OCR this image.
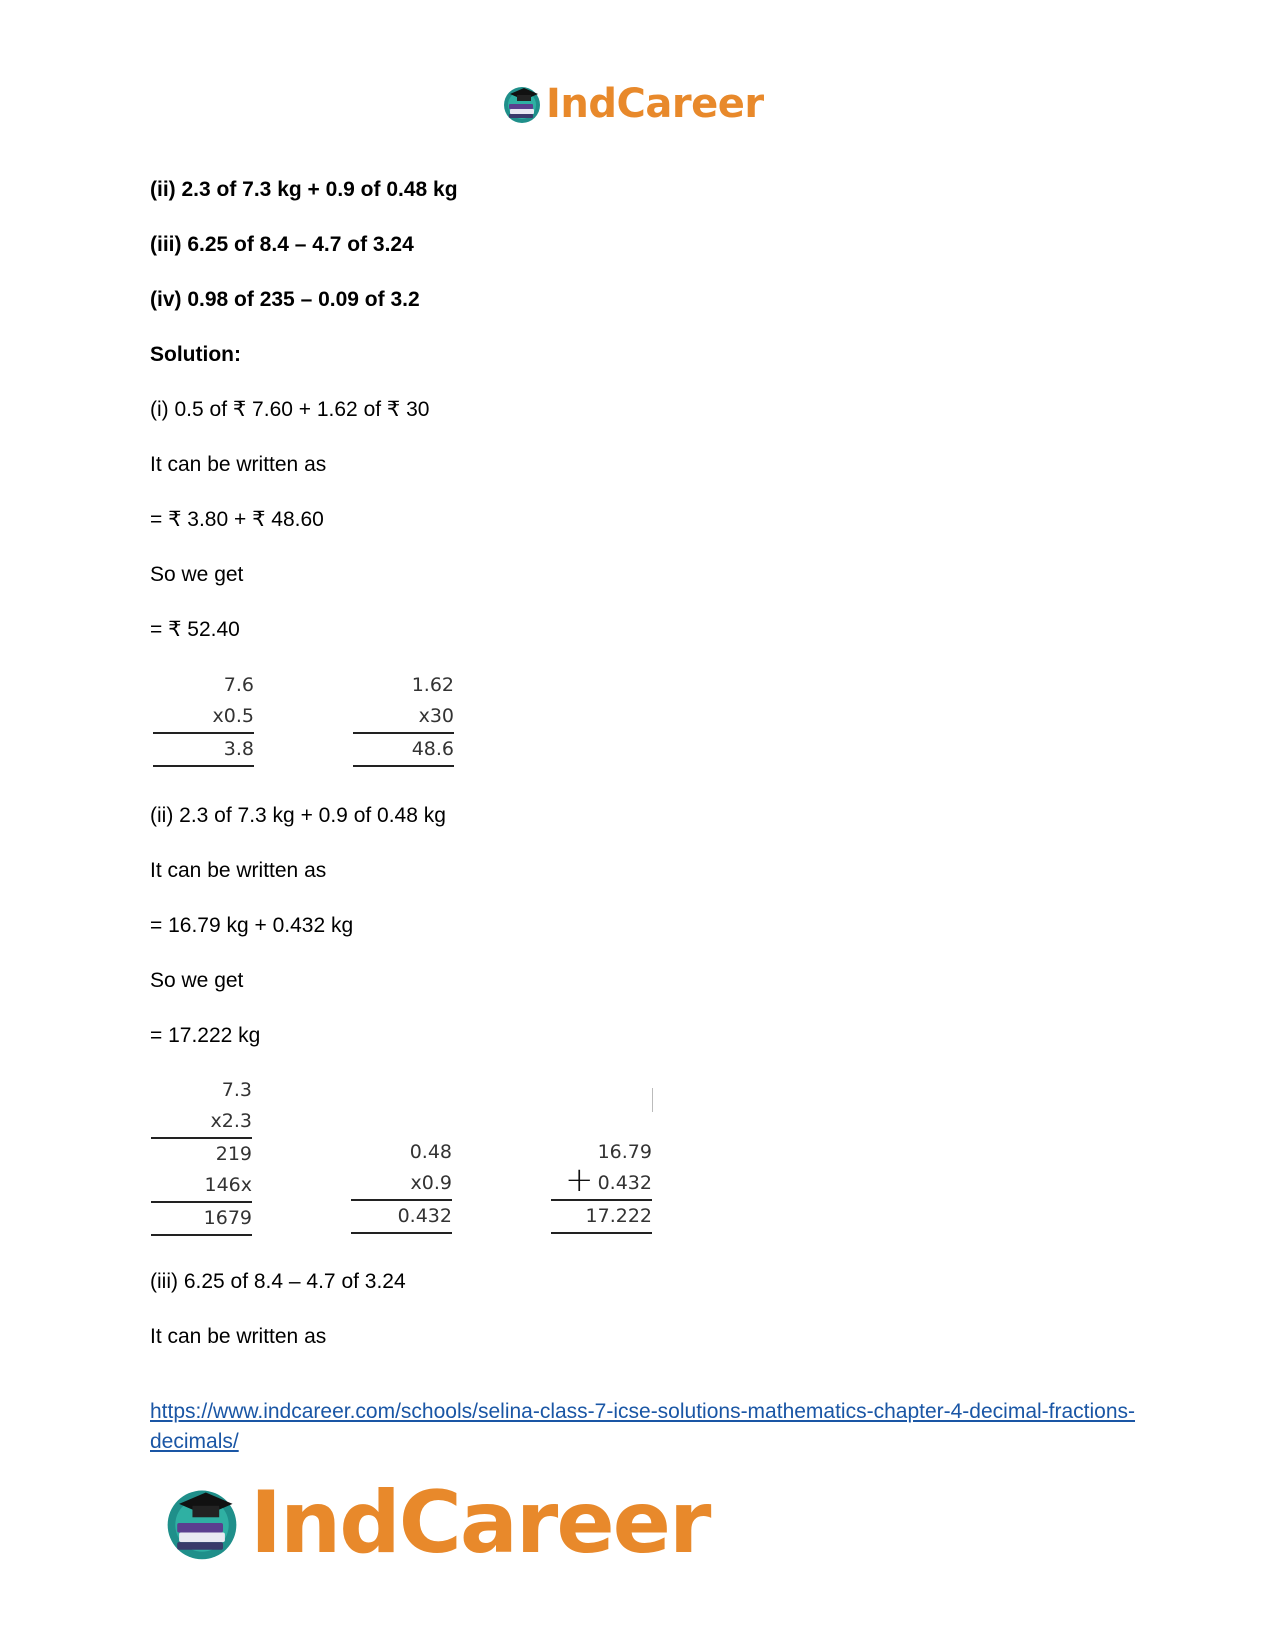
IndCareer
(ii) 2.3 of 7.3 kg + 0.9 of 0.48 kg
(iii) 6.25 of 8.4 – 4.7 of 3.24
(iv) 0.98 of 235 – 0.09 of 3.2
Solution:
(i) 0.5 of ₹ 7.60 + 1.62 of ₹ 30
It can be written as
= ₹ 3.80 + ₹ 48.60
So we get
= ₹ 52.40
7.6
x0.5
3.8
1.62
x30
48.6
(ii) 2.3 of 7.3 kg + 0.9 of 0.48 kg
It can be written as
= 16.79 kg + 0.432 kg
So we get
= 17.222 kg
7.3
x2.3
219
146x
1679
0.48
x0.9
0.432
16.79
+ 0.432
17.222
(iii) 6.25 of 8.4 – 4.7 of 3.24
It can be written as
https://www.indcareer.com/schools/selina-class-7-icse-solutions-mathematics-chapter-4-decimal-fractions-decimals/
IndCareer
